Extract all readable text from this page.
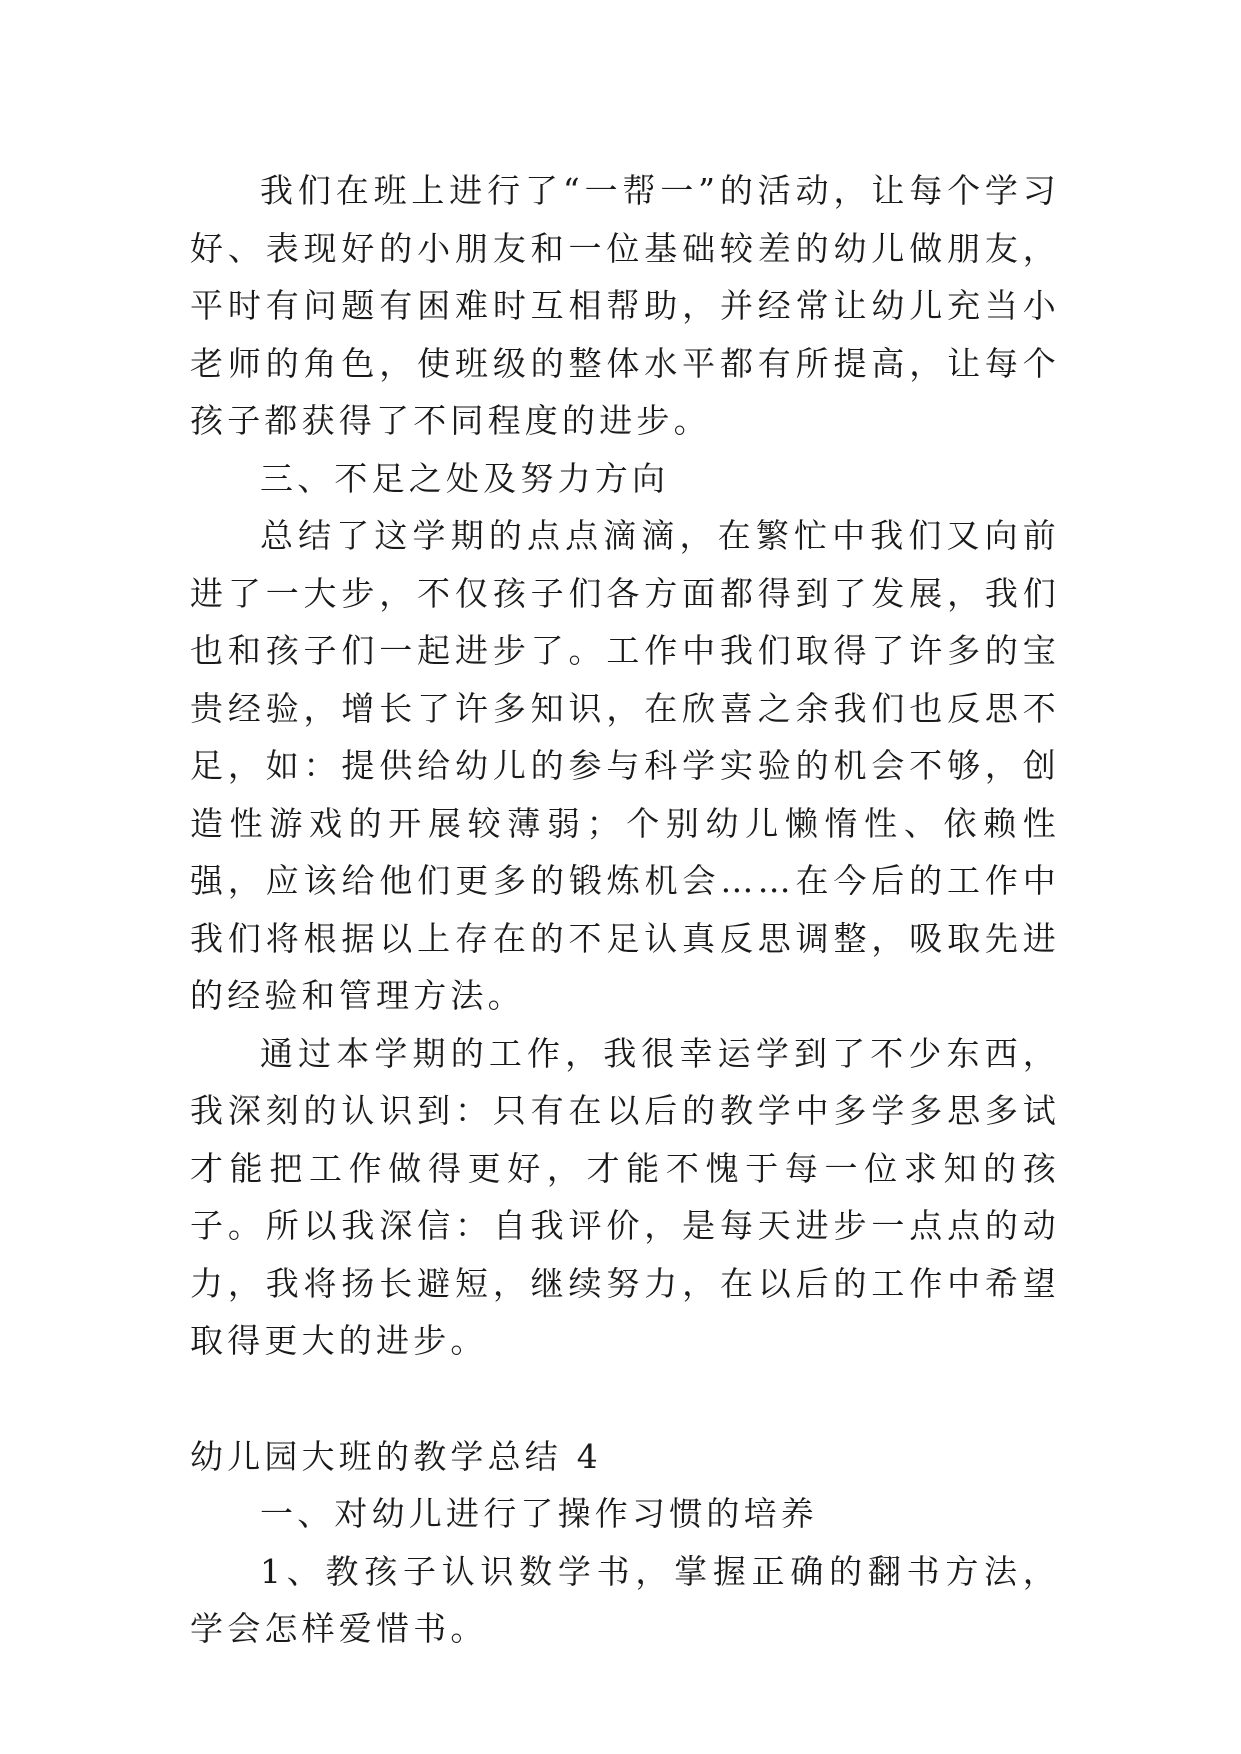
我们在班上进行了“一帮一”的活动，让每个学习好、表现好的小朋友和一位基础较差的幼儿做朋友，平时有问题有困难时互相帮助，并经常让幼儿充当小老师的角色，使班级的整体水平都有所提高，让每个孩子都获得了不同程度的进步。

三、不足之处及努力方向

总结了这学期的点点滴滴，在繁忙中我们又向前进了一大步，不仅孩子们各方面都得到了发展，我们也和孩子们一起进步了。工作中我们取得了许多的宝贵经验，增长了许多知识，在欣喜之余我们也反思不足，如：提供给幼儿的参与科学实验的机会不够，创造性游戏的开展较薄弱；个别幼儿懒惰性、依赖性强，应该给他们更多的锻炼机会……在今后的工作中我们将根据以上存在的不足认真反思调整，吸取先进的经验和管理方法。

通过本学期的工作，我很幸运学到了不少东西，我深刻的认识到：只有在以后的教学中多学多思多试才能把工作做得更好，才能不愧于每一位求知的孩子。所以我深信：自我评价，是每天进步一点点的动力，我将扬长避短，继续努力，在以后的工作中希望取得更大的进步。

幼儿园大班的教学总结 4

一、对幼儿进行了操作习惯的培养

1、教孩子认识数学书，掌握正确的翻书方法，学会怎样爱惜书。
